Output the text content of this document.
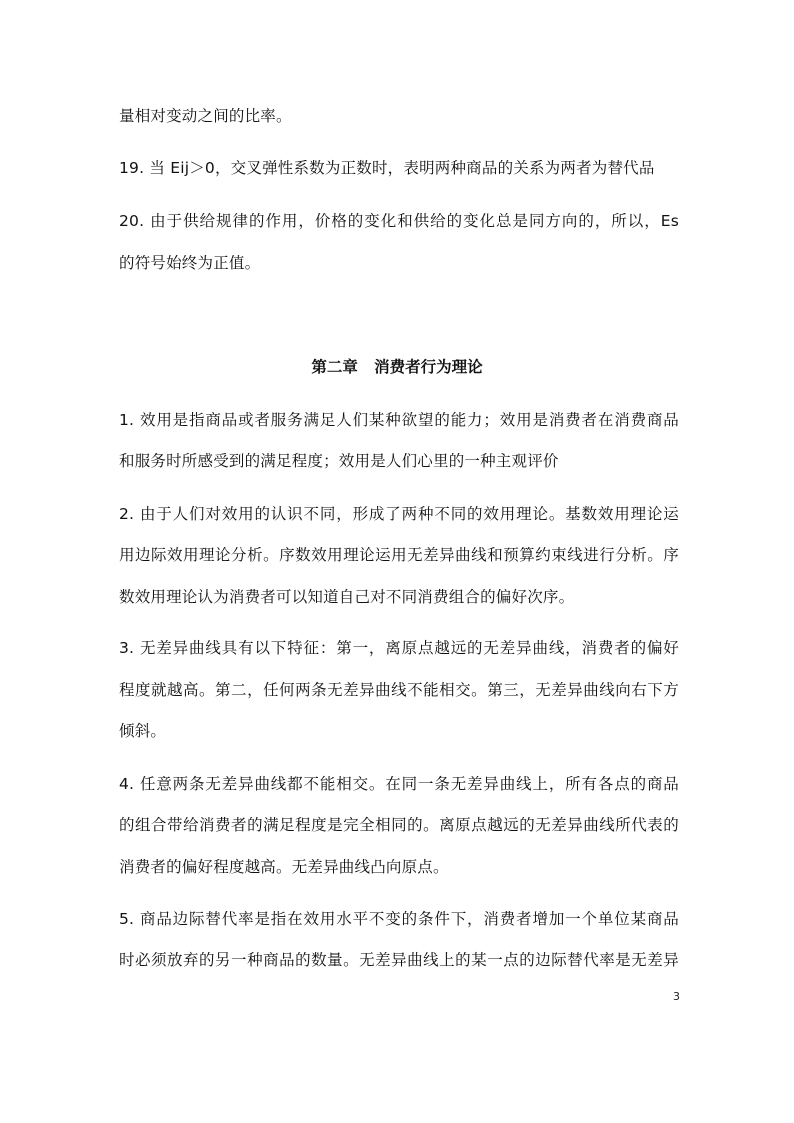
量相对变动之间的比率。
19. 当 Eij＞0，交叉弹性系数为正数时，表明两种商品的关系为两者为替代品
20. 由于供给规律的作用，价格的变化和供给的变化总是同方向的，所以，Es
的符号始终为正值。
第二章   消费者行为理论
1. 效用是指商品或者服务满足人们某种欲望的能力；效用是消费者在消费商品
和服务时所感受到的满足程度；效用是人们心里的一种主观评价
2. 由于人们对效用的认识不同，形成了两种不同的效用理论。基数效用理论运
用边际效用理论分析。序数效用理论运用无差异曲线和预算约束线进行分析。序
数效用理论认为消费者可以知道自己对不同消费组合的偏好次序。
3. 无差异曲线具有以下特征：第一，离原点越远的无差异曲线，消费者的偏好
程度就越高。第二，任何两条无差异曲线不能相交。第三，无差异曲线向右下方
倾斜。
4. 任意两条无差异曲线都不能相交。在同一条无差异曲线上，所有各点的商品
的组合带给消费者的满足程度是完全相同的。离原点越远的无差异曲线所代表的
消费者的偏好程度越高。无差异曲线凸向原点。
5. 商品边际替代率是指在效用水平不变的条件下，消费者增加一个单位某商品
时必须放弃的另一种商品的数量。无差异曲线上的某一点的边际替代率是无差异
3
